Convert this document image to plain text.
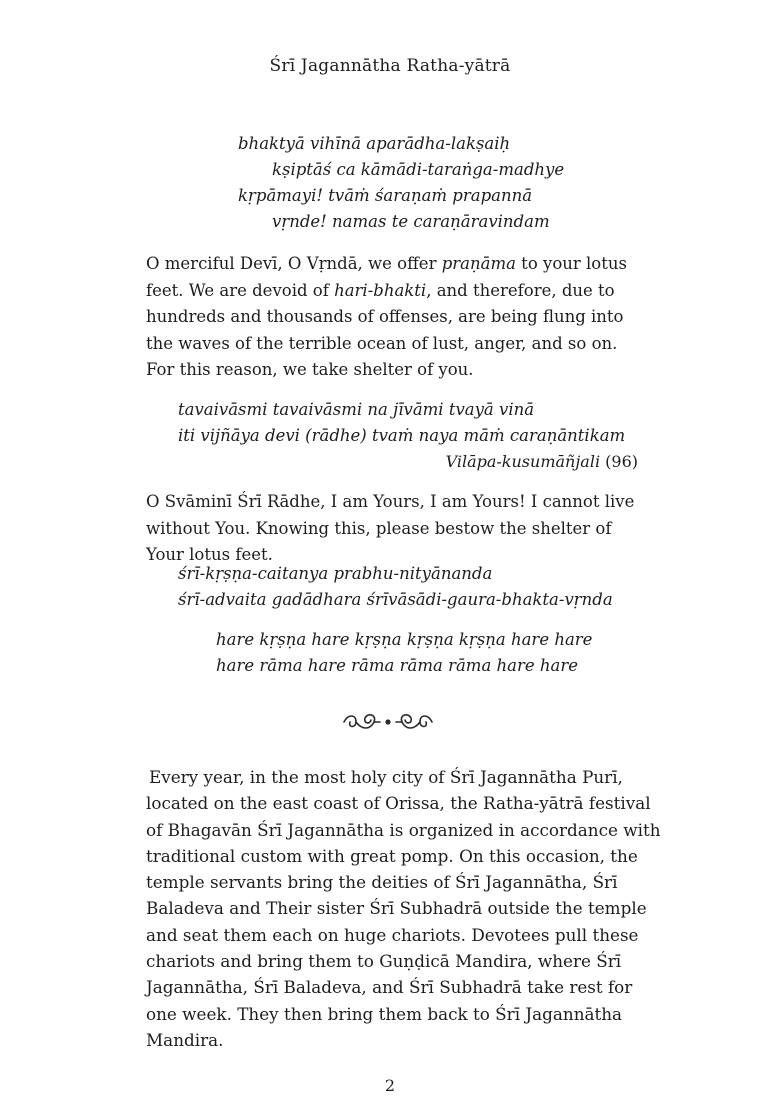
Śrī Jagannātha Ratha-yātrā
bhaktyā vihīnā aparādha-lakṣaiḥ
kṣiptāś ca kāmādi-taraṅga-madhye
kṛpāmayi! tvāṁ śaraṇaṁ prapannā
vṛnde! namas te caraṇāravindam

O merciful Devī, O Vṛndā, we offer praṇāma to your lotus feet. We are devoid of hari-bhakti, and therefore, due to hundreds and thousands of offenses, are being flung into the waves of the terrible ocean of lust, anger, and so on. For this reason, we take shelter of you.

tavaivāsmi tavaivāsmi na jīvāmi tvayā vinā
iti vijñāya devi (rādhe) tvaṁ naya māṁ caraṇāntikam
Vilāpa-kusumāñjali (96)

O Svāminī Śrī Rādhe, I am Yours, I am Yours! I cannot live without You. Knowing this, please bestow the shelter of Your lotus feet.

śrī-kṛṣṇa-caitanya prabhu-nityānanda
śrī-advaita gadādhara śrīvāsādi-gaura-bhakta-vṛnda
hare kṛṣṇa hare kṛṣṇa kṛṣṇa kṛṣṇa hare hare
hare rāma hare rāma rāma rāma hare hare

Every year, in the most holy city of Śrī Jagannātha Purī, located on the east coast of Orissa, the Ratha-yātrā festival of Bhagavān Śrī Jagannātha is organized in accordance with traditional custom with great pomp. On this occasion, the temple servants bring the deities of Śrī Jagannātha, Śrī Baladeva and Their sister Śrī Subhadrā outside the temple and seat them each on huge chariots. Devotees pull these chariots and bring them to Guṇḍicā Mandira, where Śrī Jagannātha, Śrī Baladeva, and Śrī Subhadrā take rest for one week. They then bring them back to Śrī Jagannātha Mandira.

2
